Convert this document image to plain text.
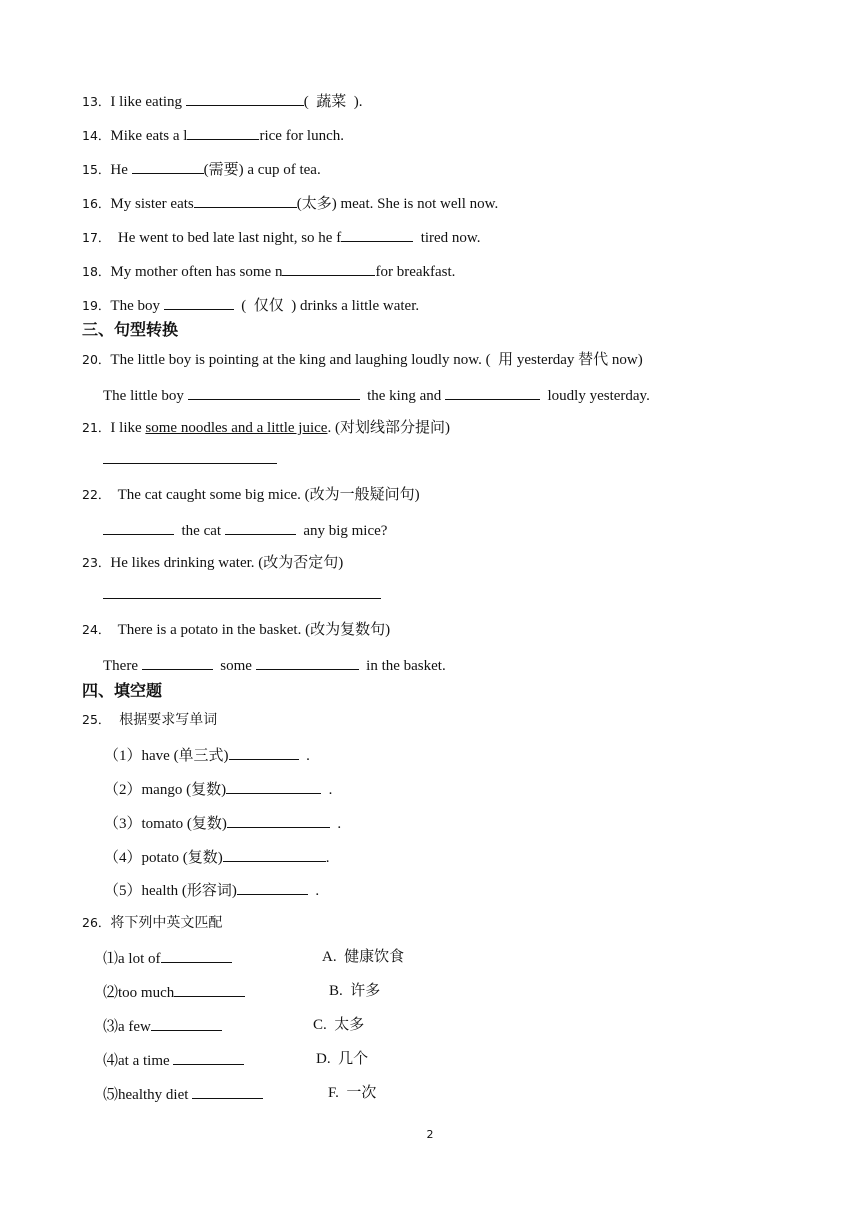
13．I like eating	(  蔬菜  ).
14．Mike eats a l	rice for lunch.
15．He	(需要) a cup of tea.
16．My sister eats	(太多) meat. She is not well now.
17．  He went to bed late last night, so he f	tired now.
18．My mother often has some n	for breakfast.
19．The boy	(  仅仅  ) drinks a little water.
三、句型转换
20．The little boy is pointing at the king and laughing loudly now. (  用 yesterday 替代 now)
The little boy	the king and	loudly yesterday.
21．I like some noodles and a little juice. (对划线部分提问)
22．  The cat caught some big mice. (改为一般疑问句)
the cat	any big mice?
23．He likes drinking water. (改为否定句)
24．  There is a potato in the basket. (改为复数句)
There	some	in the basket.
四、填空题
25．  根据要求写单词
（1）have (单三式)	.
（2）mango (复数)	.
（3）tomato (复数)	.
（4）potato (复数)	.
（5）health (形容词)	.
26．将下列中英文匹配
⑴a lot of	A.  健康饮食
⑵too much	B.  许多
⑶a few	C.  太多
⑷at a time	D.  几个
⑸healthy diet	F.  一次
2
